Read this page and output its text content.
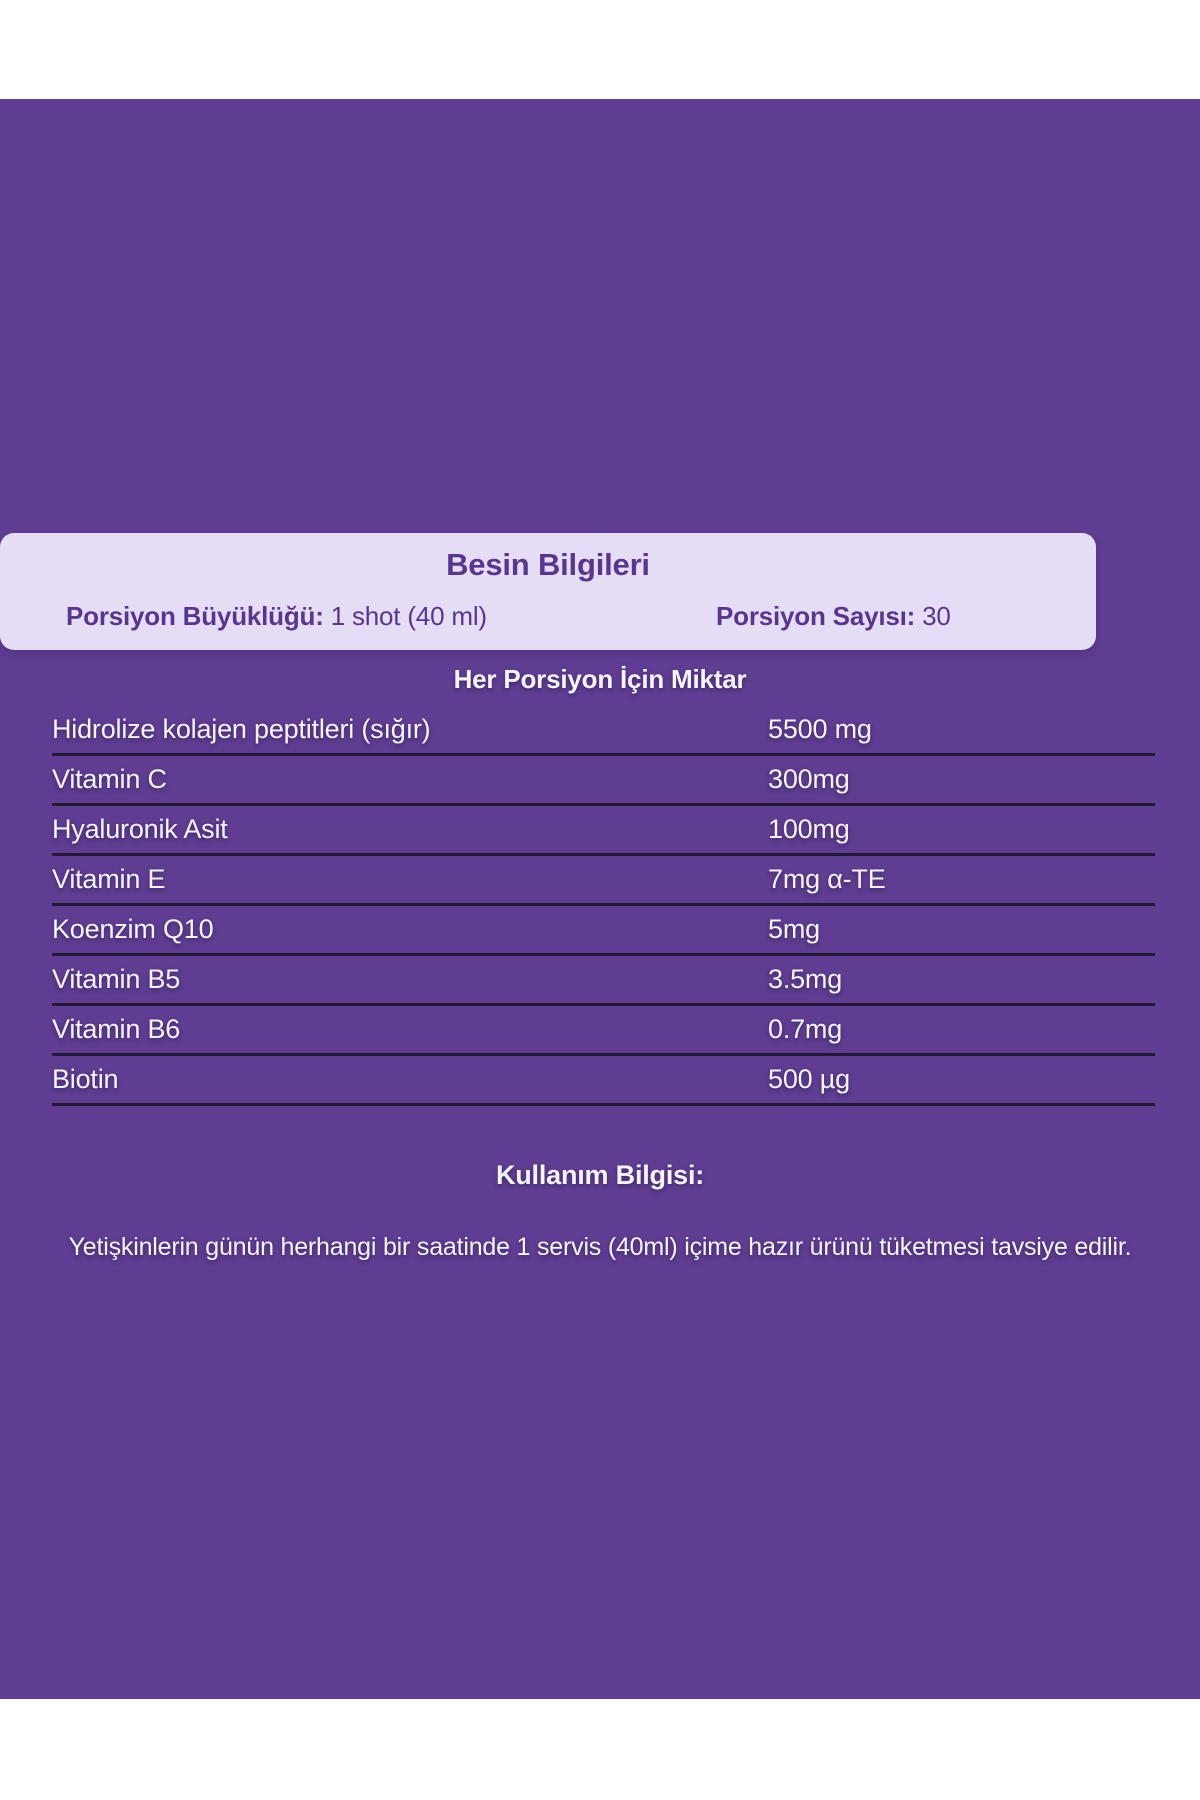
Besin Bilgileri
Porsiyon Büyüklüğü: 1 shot (40 ml)	Porsiyon Sayısı: 30
Her Porsiyon İçin Miktar
Hidrolize kolajen peptitleri (sığır)	5500 mg
Vitamin C	300mg
Hyaluronik Asit	100mg
Vitamin E	7mg α-TE
Koenzim Q10	5mg
Vitamin B5	3.5mg
Vitamin B6	0.7mg
Biotin	500 µg
Kullanım Bilgisi:
Yetişkinlerin günün herhangi bir saatinde 1 servis (40ml) içime hazır ürünü tüketmesi tavsiye edilir.
